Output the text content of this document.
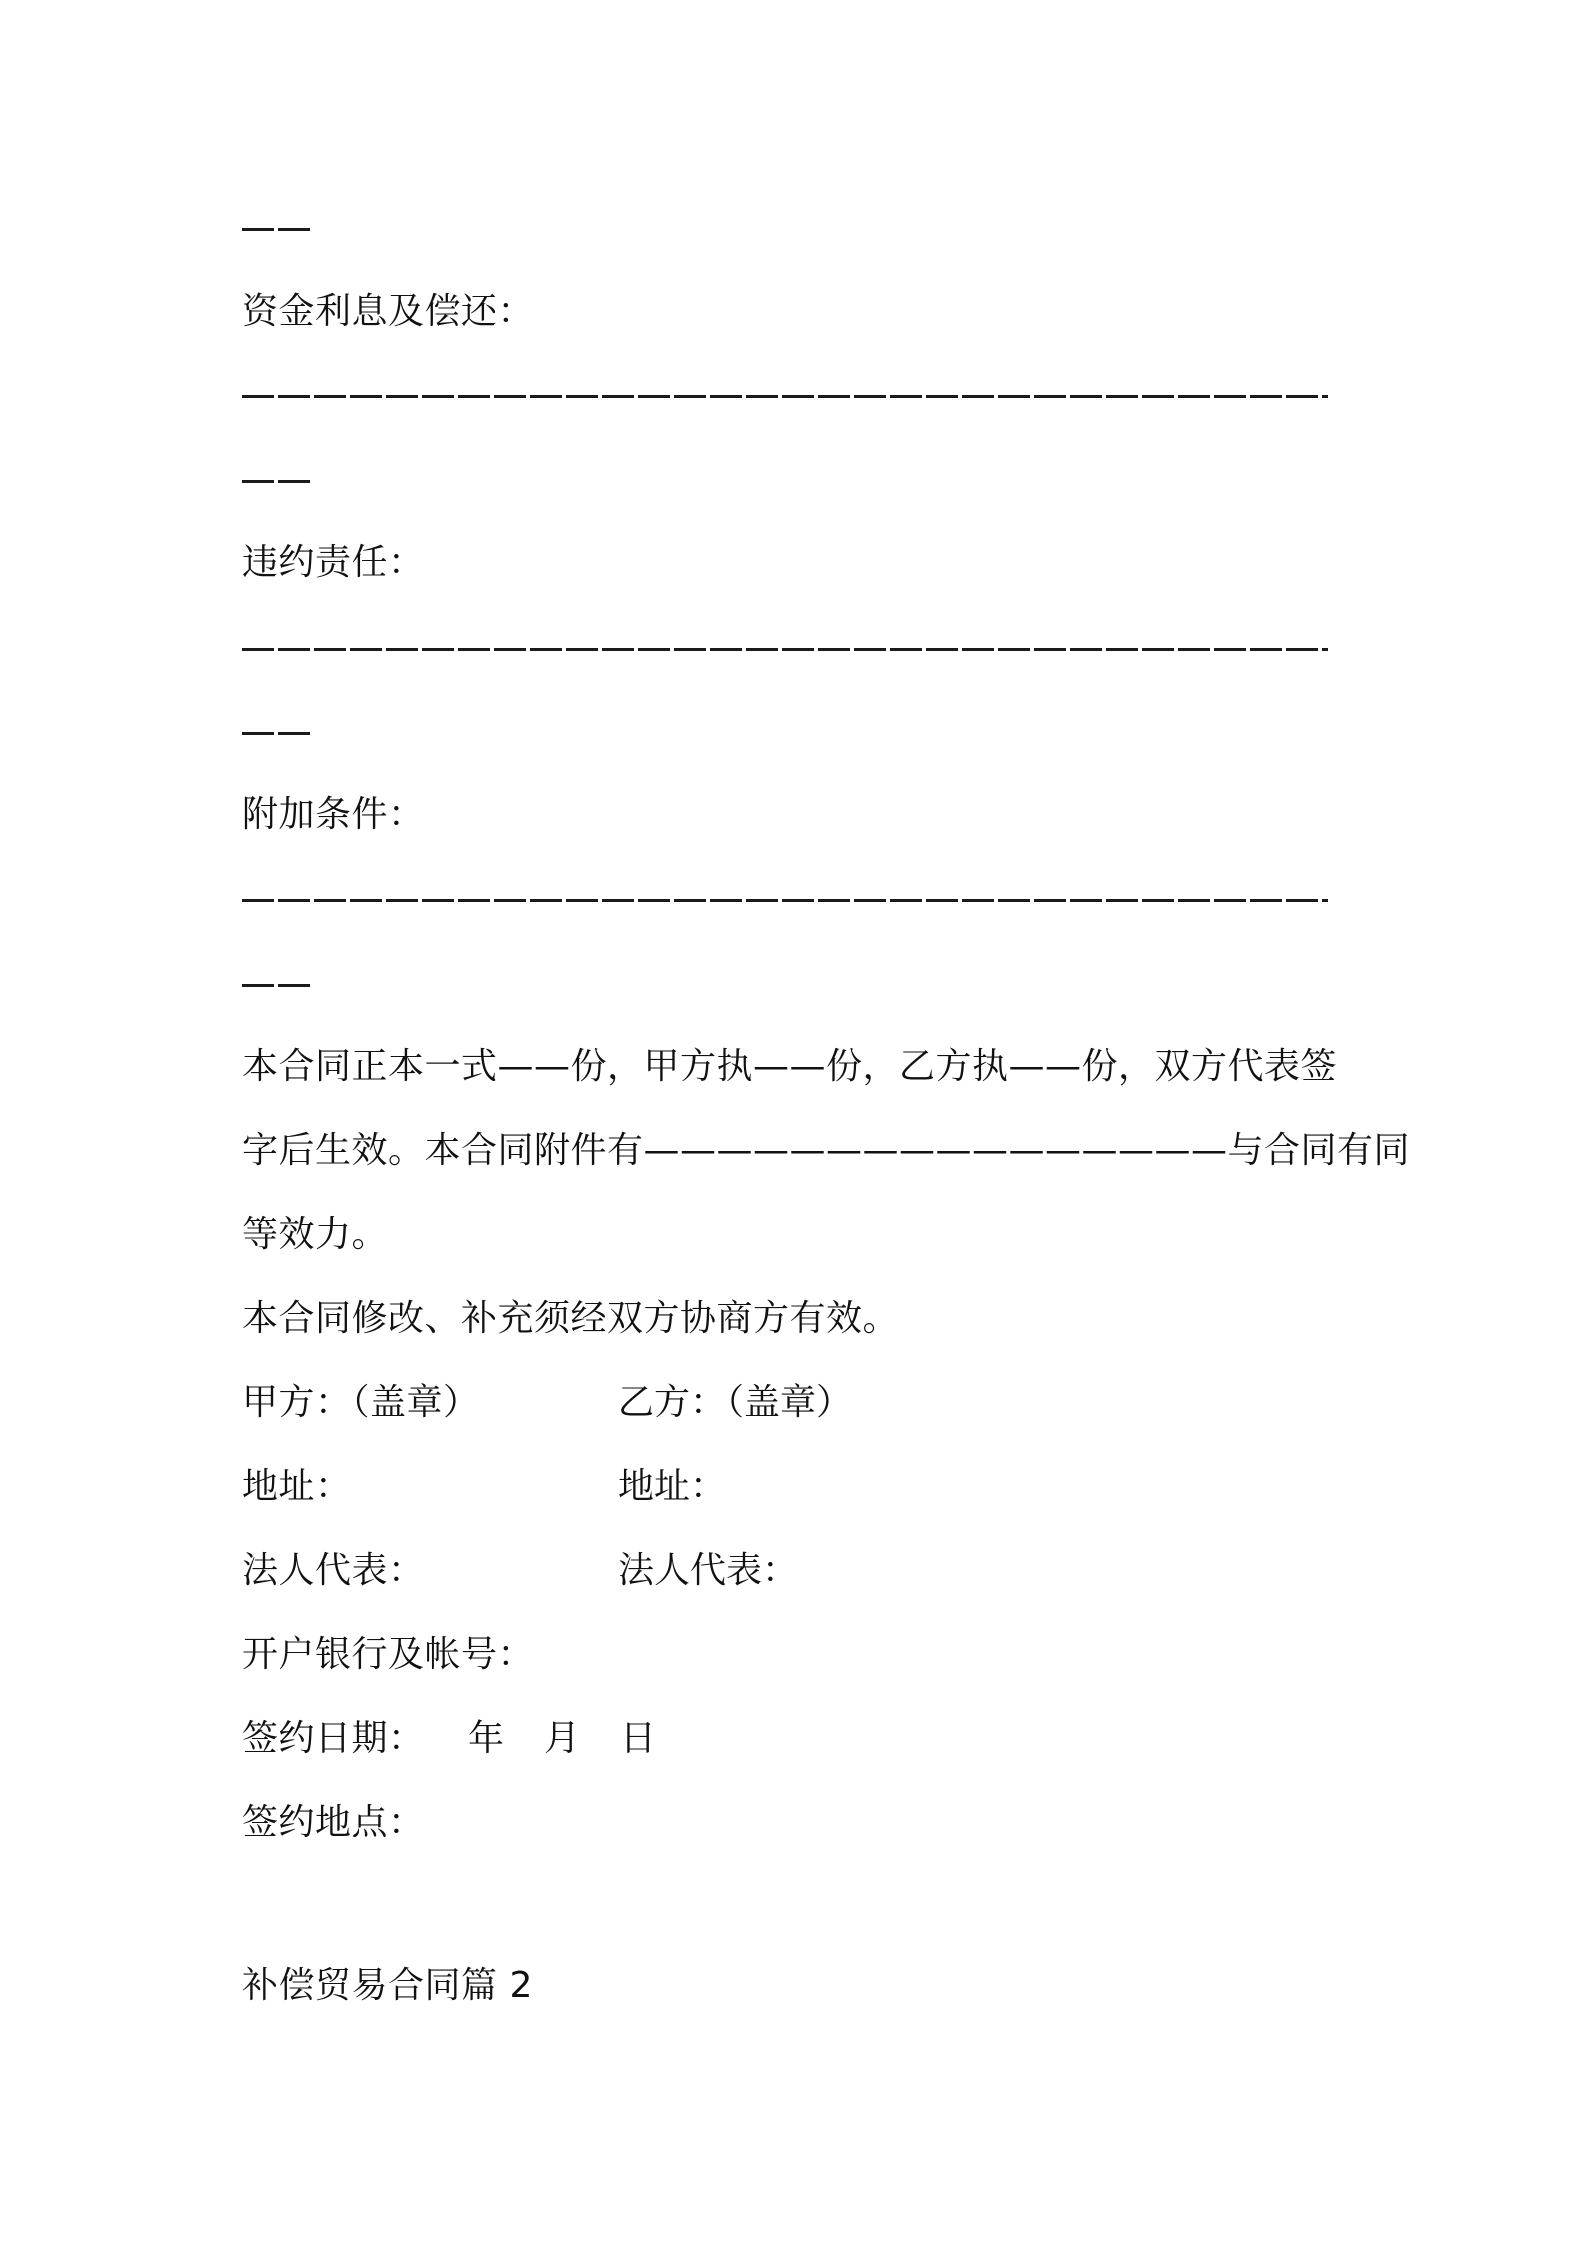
资金利息及偿还：
违约责任：
附加条件：
本合同正本一式——份，甲方执——份，乙方执——份，双方代表签
字后生效。本合同附件有————————————————与合同有同
等效力。
本合同修改、补充须经双方协商方有效。
甲方：（盖章）	乙方：（盖章）
地址：	地址：
法人代表：	法人代表：
开户银行及帐号：
签约日期： 年 月 日
签约地点：
补偿贸易合同篇 2
